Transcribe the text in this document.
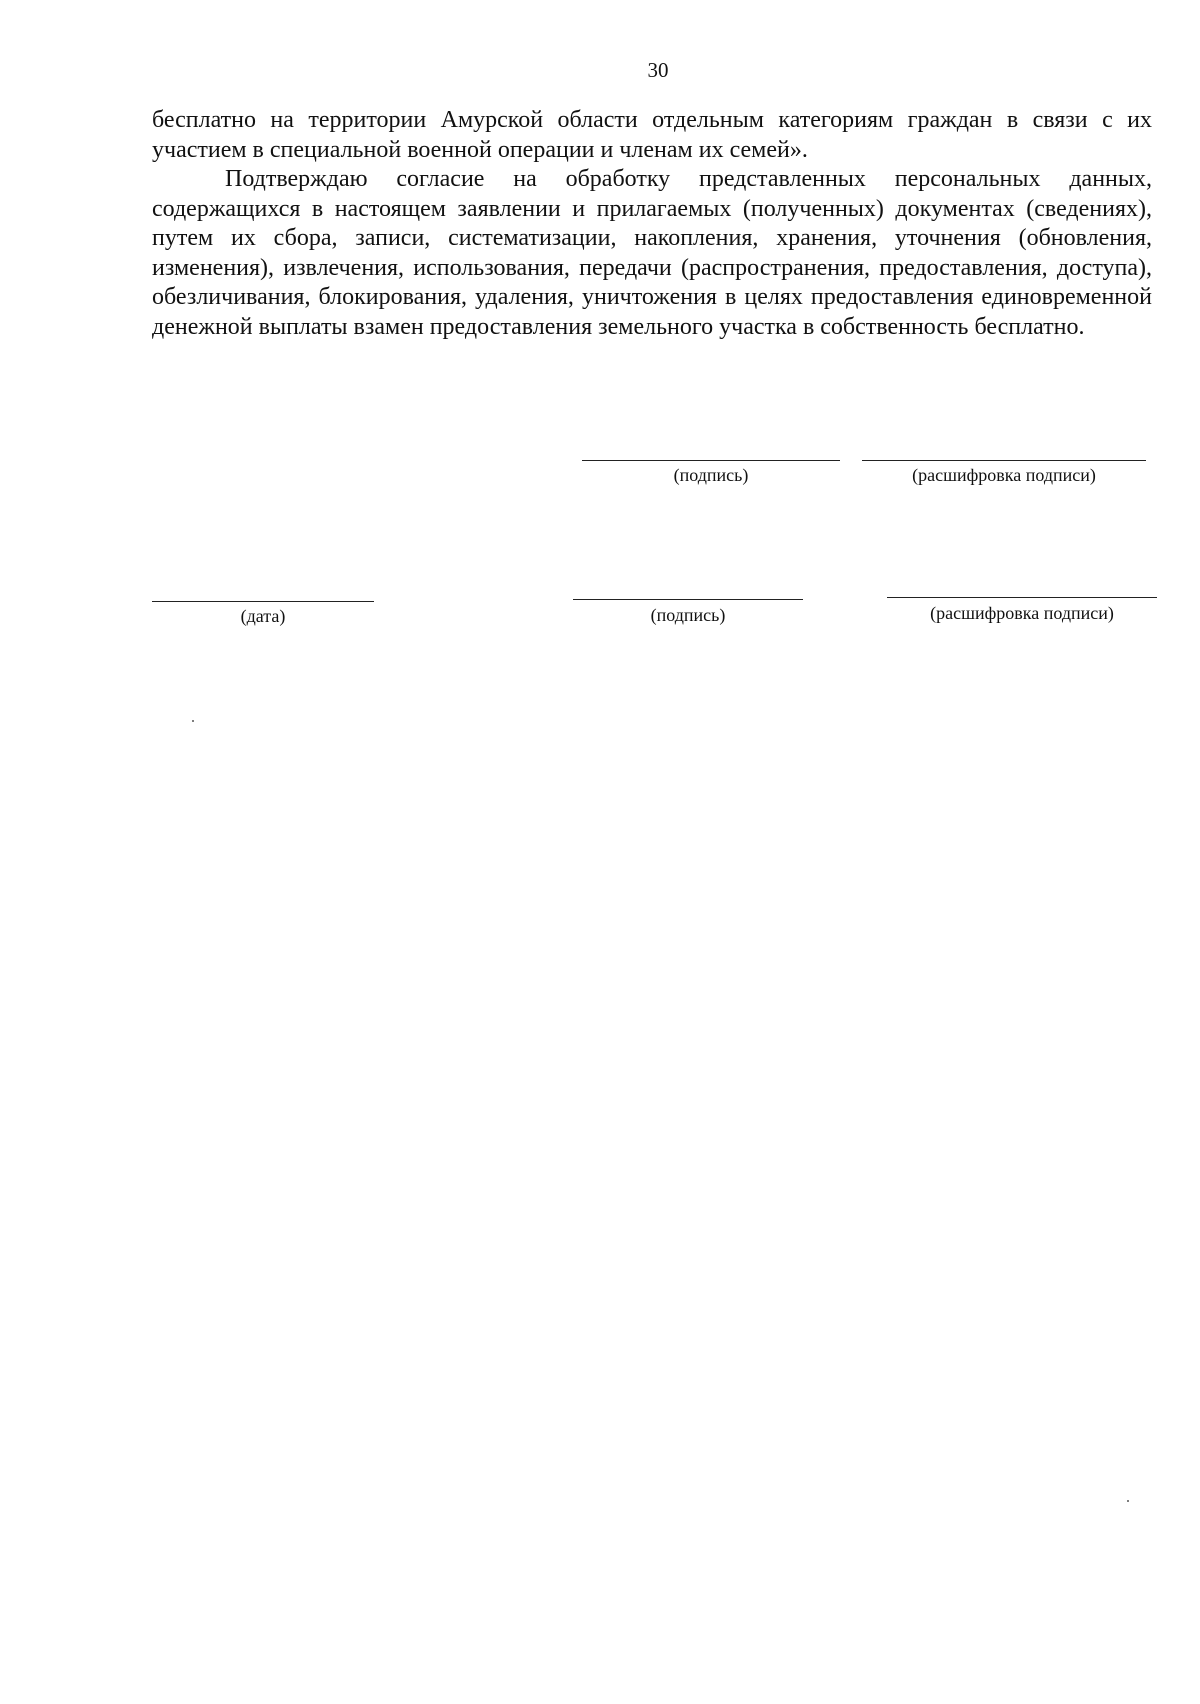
30

бесплатно на территории Амурской области отдельным категориям граждан в связи с их участием в специальной военной операции и членам их семей».

Подтверждаю согласие на обработку представленных персональных данных, содержащихся в настоящем заявлении и прилагаемых (полученных) документах (сведениях), путем их сбора, записи, систематизации, накопления, хранения, уточнения (обновления, изменения), извлечения, использования, передачи (распространения, предоставления, доступа), обезличивания, блокирования, удаления, уничтожения в целях предоставления единовременной денежной выплаты взамен предоставления земельного участка в собственность бесплатно.

(подпись)	(расшифровка подписи)
(дата)	(подпись)	(расшифровка подписи)
